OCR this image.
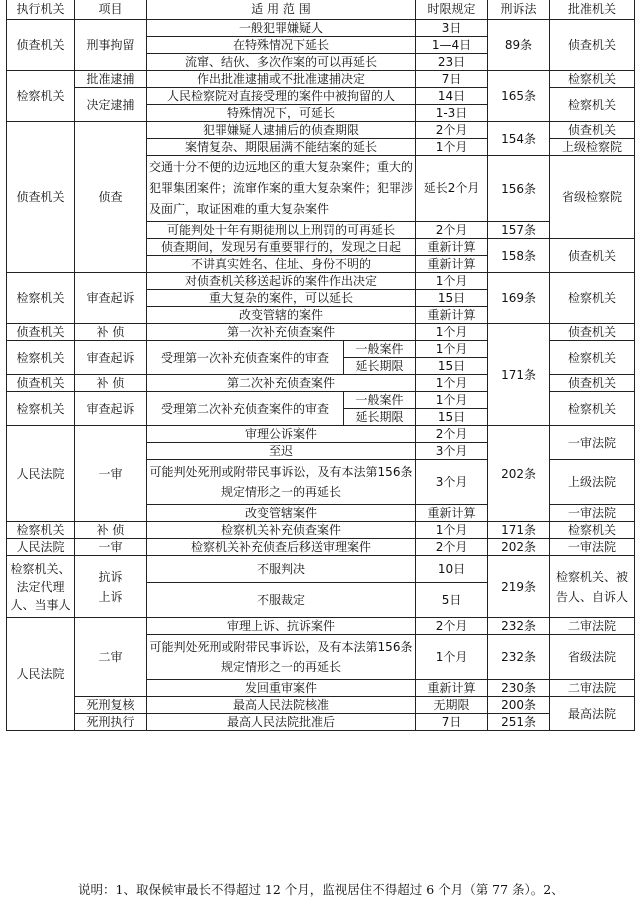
执行机关	项目	适 用 范 围		时限规定	刑诉法	批准机关
侦查机关	刑事拘留	一般犯罪嫌疑人		3日	89条	侦查机关
		在特殊情况下延长		1—4日		
		流窜、结伙、多次作案的可以再延长		23日		
检察机关	批准逮捕	作出批准逮捕或不批准逮捕决定		7日	165条	检察机关
	决定逮捕	人民检察院对直接受理的案件中被拘留的人		14日		检察机关
		特殊情况下，可延长		1-3日		
侦查机关	侦查	犯罪嫌疑人逮捕后的侦查期限		2个月	154条	侦查机关
		案情复杂、期限届满不能结案的延长		1个月		上级检察院
		交通十分不便的边远地区的重大复杂案件；重大的犯罪集团案件；流窜作案的重大复杂案件；犯罪涉及面广，取证困难的重大复杂案件		延长2个月	156条	省级检察院
		可能判处十年有期徒刑以上刑罚的可再延长		2个月	157条	
		侦查期间，发现另有重要罪行的，发现之日起		重新计算	158条	侦查机关
		不讲真实姓名、住址、身份不明的		重新计算		
检察机关	审查起诉	对侦查机关移送起诉的案件作出决定		1个月	169条	检察机关
		重大复杂的案件，可以延长		15日		
		改变管辖的案件		重新计算		
侦查机关	补 侦	第一次补充侦查案件		1个月	171条	侦查机关
检察机关	审查起诉	受理第一次补充侦查案件的审查	一般案件	1个月		检察机关
			延长期限	15日		
侦查机关	补 侦	第二次补充侦查案件		1个月		侦查机关
检察机关	审查起诉	受理第二次补充侦查案件的审查	一般案件	1个月		检察机关
			延长期限	15日		
人民法院	一审	审理公诉案件		2个月	202条	一审法院
		至迟		3个月		
		可能判处死刑或附带民事诉讼，及有本法第156条规定情形之一的再延长		3个月		上级法院
		改变管辖案件		重新计算		一审法院
检察机关	补 侦	检察机关补充侦查案件		1个月	171条	检察机关
人民法院	一审	检察机关补充侦查后移送审理案件		2个月	202条	一审法院
检察机关、法定代理人、当事人	抗诉上诉	不服判决		10日	219条	检察机关、被告人、自诉人
		不服裁定		5日		
人民法院	二审	审理上诉、抗诉案件		2个月	232条	二审法院
		可能判处死刑或附带民事诉讼，及有本法第156条规定情形之一的再延长		1个月	232条	省级法院
		发回重审案件		重新计算	230条	二审法院
	死刑复核	最高人民法院核准		无期限	200条	最高法院
	死刑执行	最高人民法院批准后		7日	251条	
说明：1、取保候审最长不得超过 12 个月，监视居住不得超过 6 个月（第 77 条）。2、
